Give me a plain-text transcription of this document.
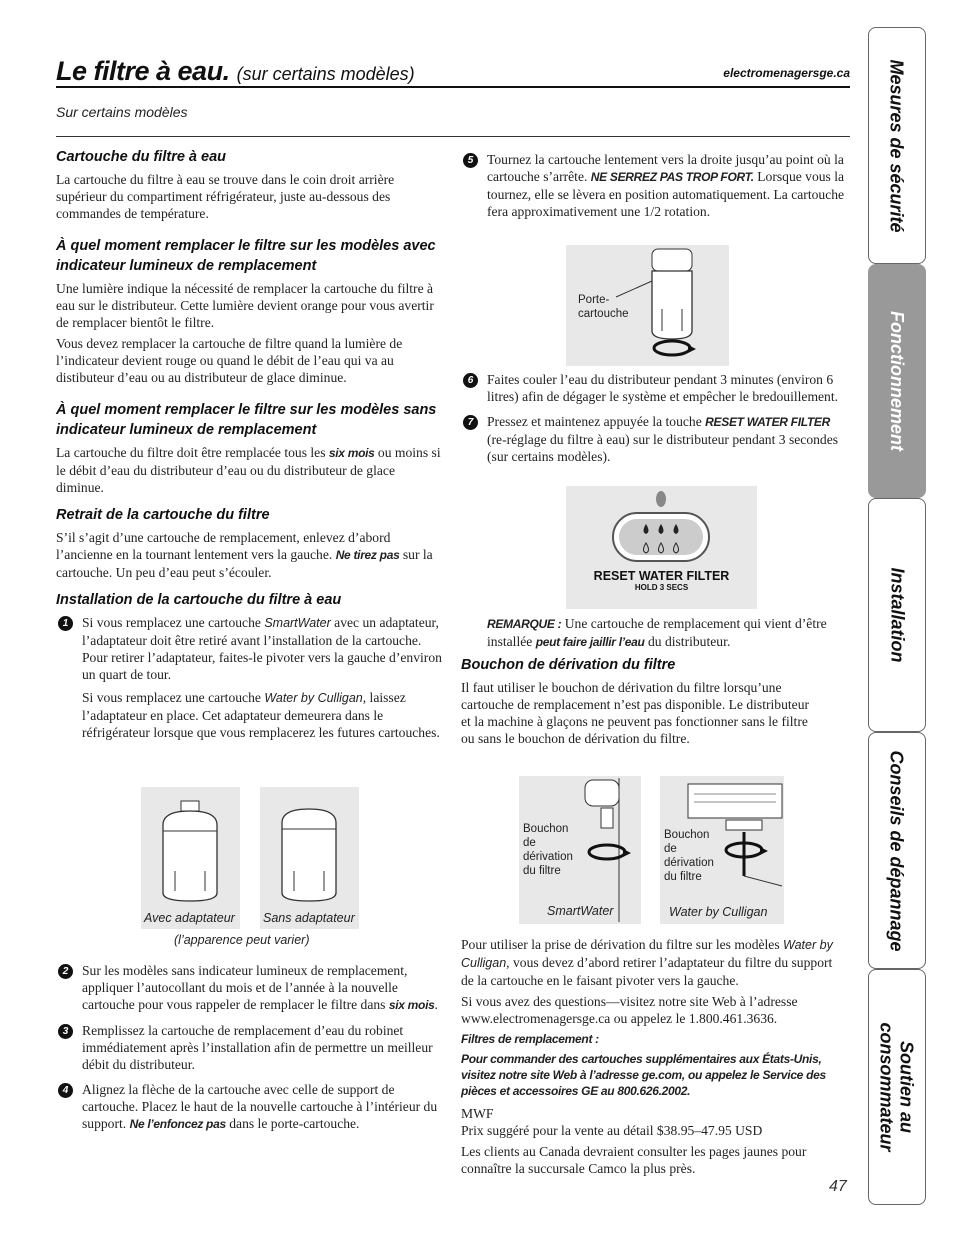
Le filtre à eau. (sur certains modèles)	electromenagersge.ca
Sur certains modèles
Cartouche du filtre à eau

La cartouche du filtre à eau se trouve dans le coin droit arrière supérieur du compartiment réfrigérateur, juste au-dessous des commandes de température.

À quel moment remplacer le filtre sur les modèles avec indicateur lumineux de remplacement

Une lumière indique la nécessité de remplacer la cartouche du filtre à eau sur le distributeur. Cette lumière devient orange pour vous avertir de remplacer bientôt le filtre.

Vous devez remplacer la cartouche de filtre quand la lumière de l’indicateur devient rouge ou quand le débit de l’eau qui va au distibuteur d’eau ou au distributeur de glace diminue.

À quel moment remplacer le filtre sur les modèles sans indicateur lumineux de remplacement

La cartouche du filtre doit être remplacée tous les six mois ou moins si le débit d’eau du distributeur d’eau ou du distributeur de glace diminue.

Retrait de la cartouche du filtre

S’il s’agit d’une cartouche de remplacement, enlevez d’abord l’ancienne en la tournant lentement vers la gauche. Ne tirez pas sur la cartouche. Un peu d’eau peut s’écouler.

Installation de la cartouche du filtre à eau
1	Si vous remplacez une cartouche SmartWater avec un adaptateur, l’adaptateur doit être retiré avant l’installation de la cartouche. Pour retirer l’adaptateur, faites-le pivoter vers la gauche d’environ un quart de tour.

Si vous remplacez une cartouche Water by Culligan, laissez l’adaptateur en place. Cet adaptateur demeurera dans le réfrigérateur lorsque que vous remplacerez les futures cartouches.

Avec adaptateur Sans adaptateur
(l’apparence peut varier)
2	Sur les modèles sans indicateur lumineux de remplacement, appliquer l’autocollant du mois et de l’année à la nouvelle cartouche pour vous rappeler de remplacer le filtre dans six mois.

3	Remplissez la cartouche de remplacement d’eau du robinet immédiatement après l’installation afin de permettre un meilleur débit du distributeur.

4	Alignez la flèche de la cartouche avec celle de support de cartouche. Placez le haut de la nouvelle cartouche à l’intérieur du support. Ne l’enfoncez pas dans le porte-cartouche.

5	Tournez la cartouche lentement vers la droite jusqu’au point où la cartouche s’arrête. NE SERREZ PAS TROP FORT. Lorsque vous la tournez, elle se lèvera en position automatiquement. La cartouche fera approximativement une 1/2 rotation.

Porte-
cartouche
6	Faites couler l’eau du distributeur pendant 3 minutes (environ 6 litres) afin de dégager le système et empêcher le bredouillement.

7	Pressez et maintenez appuyée la touche RESET WATER FILTER (re-réglage du filtre à eau) sur le distributeur pendant 3 secondes (sur certains modèles).

RESET WATER FILTER
HOLD 3 SECS

REMARQUE : Une cartouche de remplacement qui vient d’être installée peut faire jaillir l’eau du distributeur.

Bouchon de dérivation du filtre

Il faut utiliser le bouchon de dérivation du filtre lorsqu’une cartouche de remplacement n’est pas disponible. Le distributeur et la machine à glaçons ne peuvent pas fonctionner sans le filtre ou sans le bouchon de dérivation du filtre.

Bouchon
de
dérivation
du filtre
SmartWater
Bouchon
de
dérivation
du filtre
Water by Culligan

Pour utiliser la prise de dérivation du filtre sur les modèles Water by Culligan, vous devez d’abord retirer l’adaptateur du filtre du support de la cartouche en le faisant pivoter vers la gauche.

Si vous avez des questions—visitez notre site Web à l’adresse www.electromenagersge.ca ou appelez le 1.800.461.3636.

Filtres de remplacement :

Pour commander des cartouches supplémentaires aux États-Unis, visitez notre site Web à l’adresse ge.com, ou appelez le Service des pièces et accessoires GE au 800.626.2002.

MWF

Prix suggéré pour la vente au détail $38.95–47.95 USD

Les clients au Canada devraient consulter les pages jaunes pour connaître la succursale Camco la plus près.

47
Mesures de sécurité
Fonctionnement
Installation
Conseils de dépannage
Soutien au
consommateur
